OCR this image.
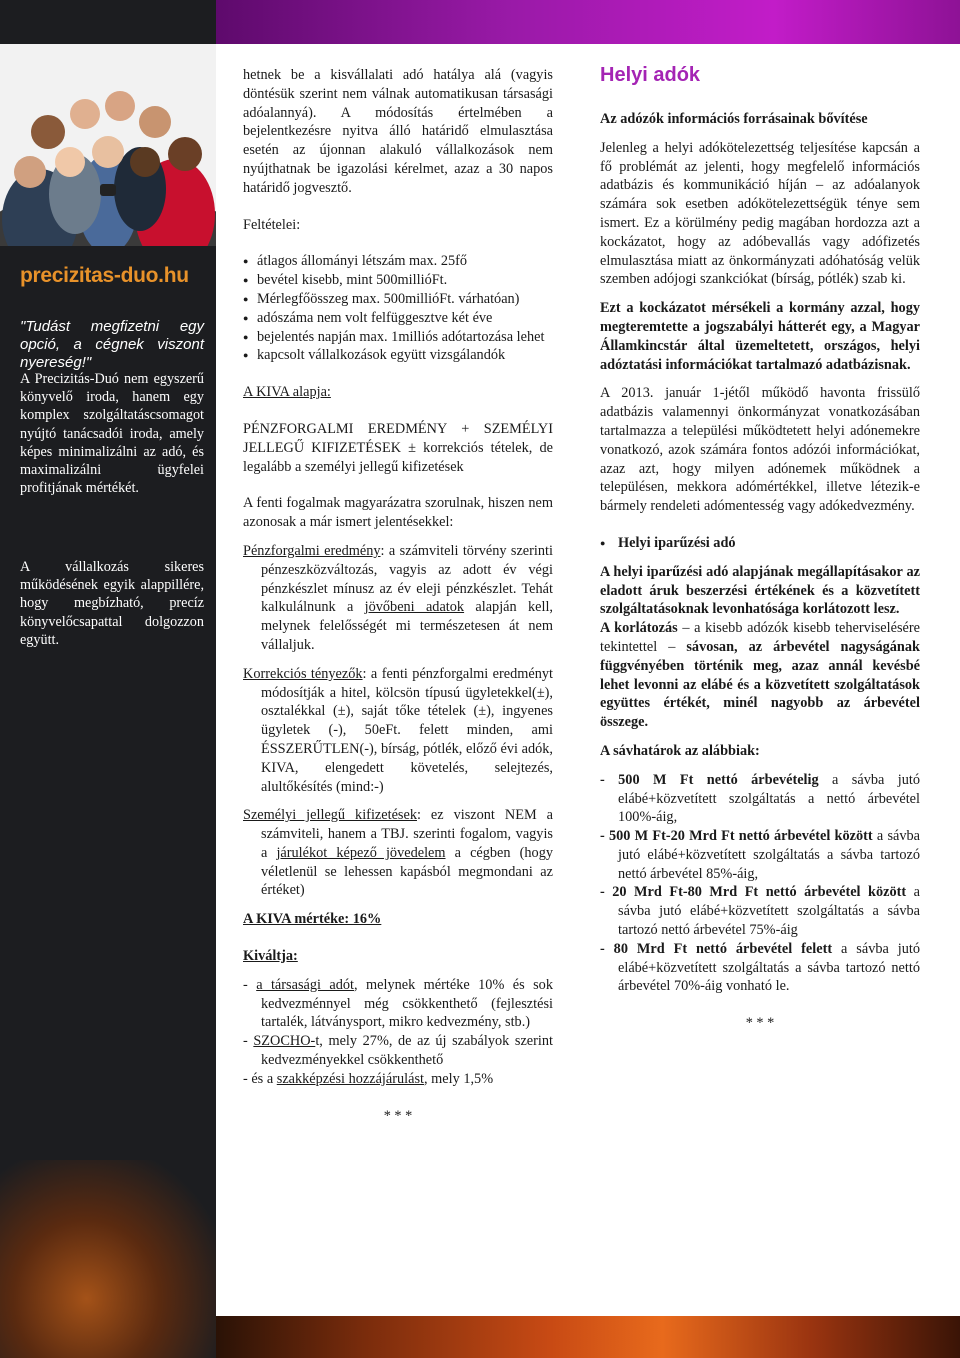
precizitas-duo.hu
"Tudást megfizetni egy opció, a cégnek viszont nyereség!"
A Precizitás-Duó nem egyszerű könyvelő iroda, hanem egy komplex szolgáltatáscsomagot nyújtó tanácsadói iroda, amely képes minimalizálni az adó, és maximalizálni ügyfelei profitjának mértékét.
A vállalkozás sikeres működésének egyik alappillére, hogy megbízható, precíz könyvelőcsapattal dolgozzon együtt.

hetnek be a kisvállalati adó hatálya alá (vagyis döntésük szerint nem válnak automatikusan társasági adóalannyá). A módosítás értelmében a bejelentkezésre nyitva álló határidő elmulasztása esetén az újonnan alakuló vállalkozások nem nyújthatnak be igazolási kérelmet, azaz a 30 napos határidő jogvesztő.

Feltételei:

● átlagos állományi létszám max. 25fő
● bevétel kisebb, mint 500millióFt.
● Mérlegfőösszeg max. 500millióFt. várhatóan)
● adószáma nem volt felfüggesztve két éve
● bejelentés napján max. 1milliós adótartozása lehet
● kapcsolt vállalkozások együtt vizsgálandók

A KIVA alapja:

PÉNZFORGALMI EREDMÉNY + SZEMÉLYI JELLEGŰ KIFIZETÉSEK ± korrekciós tételek, de legalább a személyi jellegű kifizetések

A fenti fogalmak magyarázatra szorulnak, hiszen nem azonosak a már ismert jelentésekkel:

Pénzforgalmi eredmény: a számviteli törvény szerinti pénzeszközváltozás, vagyis az adott év végi pénzkészlet mínusz az év eleji pénzkészlet. Tehát kalkulálnunk a jövőbeni adatok alapján kell, melynek felelősségét mi természetesen át nem vállaljuk.

Korrekciós tényezők: a fenti pénzforgalmi eredményt módosítják a hitel, kölcsön típusú ügyletekkel(±), osztalékkal (±), saját tőke tételek (±), ingyenes ügyletek (-), 50eFt. felett minden, ami ÉSSZERŰTLEN(-), bírság, pótlék, előző évi adók, KIVA, elengedett követelés, selejtezés, alultőkésítés (mind:-)

Személyi jellegű kifizetések: ez viszont NEM a számviteli, hanem a TBJ. szerinti fogalom, vagyis a járulékot képező jövedelem a cégben (hogy véletlenül se lehessen kapásból megmondani az értéket)

A KIVA mértéke: 16%

Kiváltja:

- a társasági adót, melynek mértéke 10% és sok kedvezménnyel még csökkenthető (fejlesztési tartalék, látványsport, mikro kedvezmény, stb.)

- SZOCHO-t, mely 27%, de az új szabályok szerint kedvezményekkel csökkenthető

- és a szakképzési hozzájárulást, mely 1,5%

* * *

Helyi adók

Az adózók információs forrásainak bővítése

Jelenleg a helyi adókötelezettség teljesítése kapcsán a fő problémát az jelenti, hogy megfelelő információs adatbázis és kommunikáció híján – az adóalanyok számára sok esetben adókötelezettségük ténye sem ismert. Ez a körülmény pedig magában hordozza azt a kockázatot, hogy az adóbevallás vagy adófizetés elmulasztása miatt az önkormányzati adóhatóság velük szemben adójogi szankciókat (bírság, pótlék) szab ki.

Ezt a kockázatot mérsékeli a kormány azzal, hogy megteremtette a jogszabályi hátterét egy, a Magyar Államkincstár által üzemeltetett, országos, helyi adóztatási információkat tartalmazó adatbázisnak.

A 2013. január 1-jétől működő havonta frissülő adatbázis valamennyi önkormányzat vonatkozásában tartalmazza a települési működtetett helyi adónemekre vonatkozó, azok számára fontos adózói információkat, azaz azt, hogy milyen adónemek működnek a településen, mekkora adómértékkel, illetve létezik-e bármely rendeleti adómentesség vagy adókedvezmény.

● Helyi iparűzési adó

A helyi iparűzési adó alapjának megállapításakor az eladott áruk beszerzési értékének és a közvetített szolgáltatásoknak levonhatósága korlátozott lesz.

A korlátozás – a kisebb adózók kisebb teherviselésére tekintettel – sávosan, az árbevétel nagyságának függvényében történik meg, azaz annál kevésbé lehet levonni az elábé és a közvetített szolgáltatások együttes értékét, minél nagyobb az árbevétel összege.

A sávhatárok az alábbiak:

- 500 M Ft nettó árbevételig a sávba jutó elábé+közvetített szolgáltatás a nettó árbevétel 100%-áig,

- 500 M Ft-20 Mrd Ft nettó árbevétel között a sávba jutó elábé+közvetített szolgáltatás a sávba tartozó nettó árbevétel 85%-áig,

- 20 Mrd Ft-80 Mrd Ft nettó árbevétel között a sávba jutó elábé+közvetített szolgáltatás a sávba tartozó nettó árbevétel 75%-áig

- 80 Mrd Ft nettó árbevétel felett a sávba jutó elábé+közvetített szolgáltatás a sávba tartozó nettó árbevétel 70%-áig vonható le.

* * *
